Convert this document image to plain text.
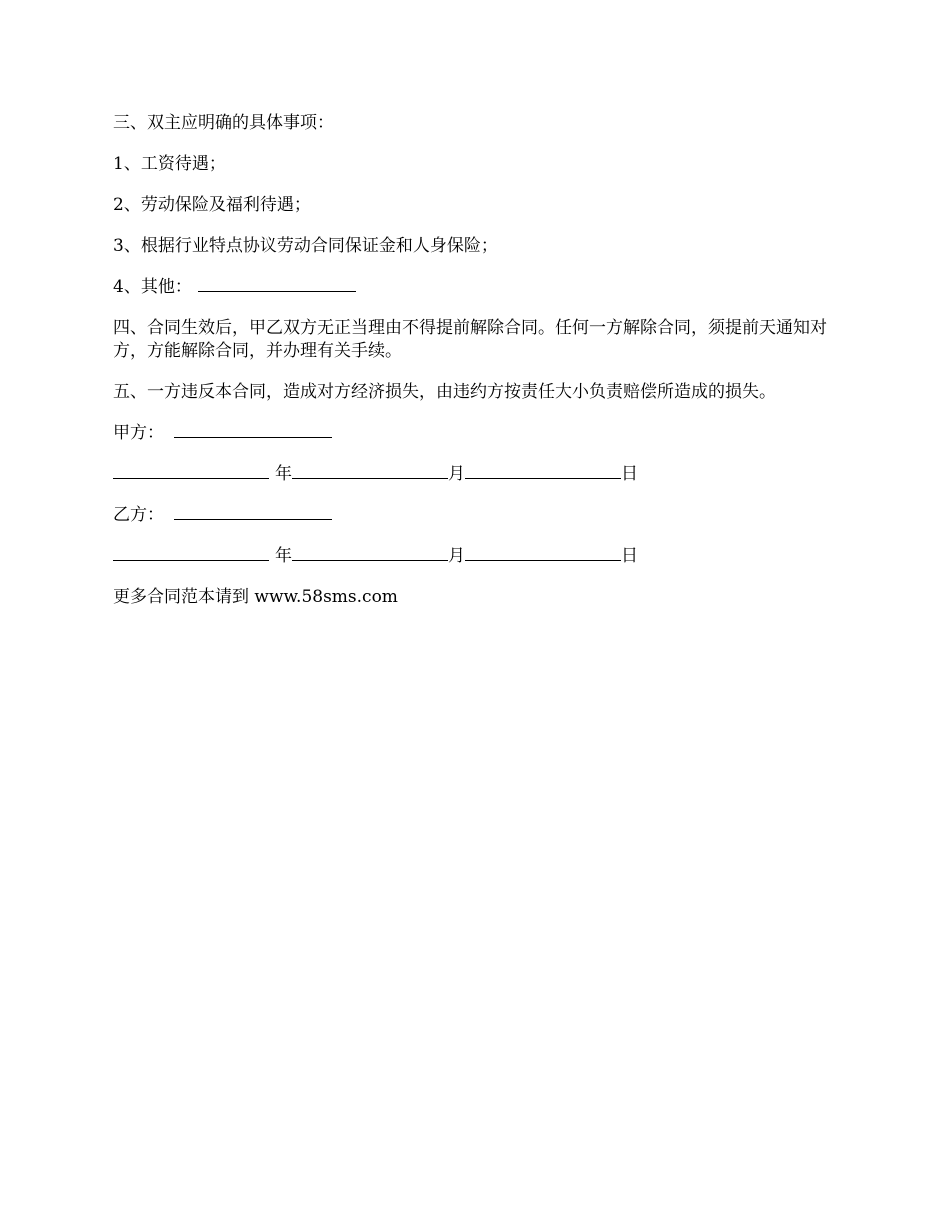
三、双主应明确的具体事项：

1、工资待遇；

2、劳动保险及福利待遇；

3、根据行业特点协议劳动合同保证金和人身保险；

4、其他：

四、合同生效后，甲乙双方无正当理由不得提前解除合同。任何一方解除合同，须提前天通知对方，方能解除合同，并办理有关手续。

五、一方违反本合同，造成对方经济损失，由违约方按责任大小负责赔偿所造成的损失。

甲方：

年	月	日

乙方：

年	月	日

更多合同范本请到 www.58sms.com
